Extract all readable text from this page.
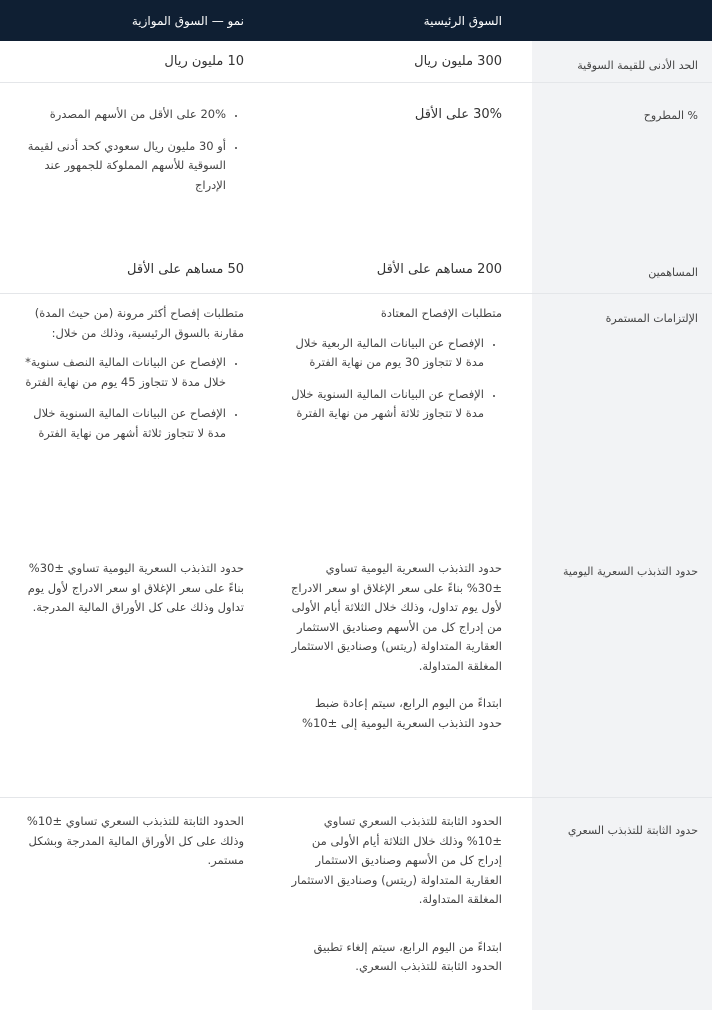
السوق الرئيسية
نمو — السوق الموازية
الحد الأدنى للقيمة السوقية
300 مليون ريال
10 مليون ريال
% المطروح
30% على الأقل
• 20% على الأقل من الأسهم المصدرة
• أو 30 مليون ريال سعودي كحد أدنى لقيمة السوقية للأسهم المملوكة للجمهور عند الإدراج
المساهمين
200 مساهم على الأقل
50 مساهم على الأقل
الإلتزامات المستمرة

متطلبات الإفصاح المعتادة

• الإفصاح عن البيانات المالية الربعية خلال مدة لا تتجاوز 30 يوم من نهاية الفترة
• الإفصاح عن البيانات المالية السنوية خلال مدة لا تتجاوز ثلاثة أشهر من نهاية الفترة

متطلبات إفصاح أكثر مرونة (من حيث المدة) مقارنة بالسوق الرئيسية، وذلك من خلال:

• الإفصاح عن البيانات المالية النصف سنوية* خلال مدة لا تتجاوز 45 يوم من نهاية الفترة
• الإفصاح عن البيانات المالية السنوية خلال مدة لا تتجاوز ثلاثة أشهر من نهاية الفترة
حدود التذبذب السعرية اليومية

حدود التذبذب السعرية اليومية تساوي ±30% بناءً على سعر الإغلاق او سعر الادراج لأول يوم تداول، وذلك خلال الثلاثة أيام الأولى من إدراج كل من الأسهم وصناديق الاستثمار العقارية المتداولة (ريتس) وصناديق الاستثمار المغلقة المتداولة.

ابتداءً من اليوم الرابع، سيتم إعادة ضبط حدود التذبذب السعرية اليومية إلى ±10%

حدود التذبذب السعرية اليومية تساوي ±30% بناءً على سعر الإغلاق او سعر الادراج لأول يوم تداول وذلك على كل الأوراق المالية المدرجة.

حدود الثابتة للتذبذب السعري

الحدود الثابتة للتذبذب السعري تساوي ±10% وذلك خلال الثلاثة أيام الأولى من إدراج كل من الأسهم وصناديق الاستثمار العقارية المتداولة (ريتس) وصناديق الاستثمار المغلقة المتداولة.

ابتداءً من اليوم الرابع، سيتم إلغاء تطبيق الحدود الثابتة للتذبذب السعري.

الحدود الثابتة للتذبذب السعري تساوي ±10% وذلك على كل الأوراق المالية المدرجة وبشكل مستمر.
